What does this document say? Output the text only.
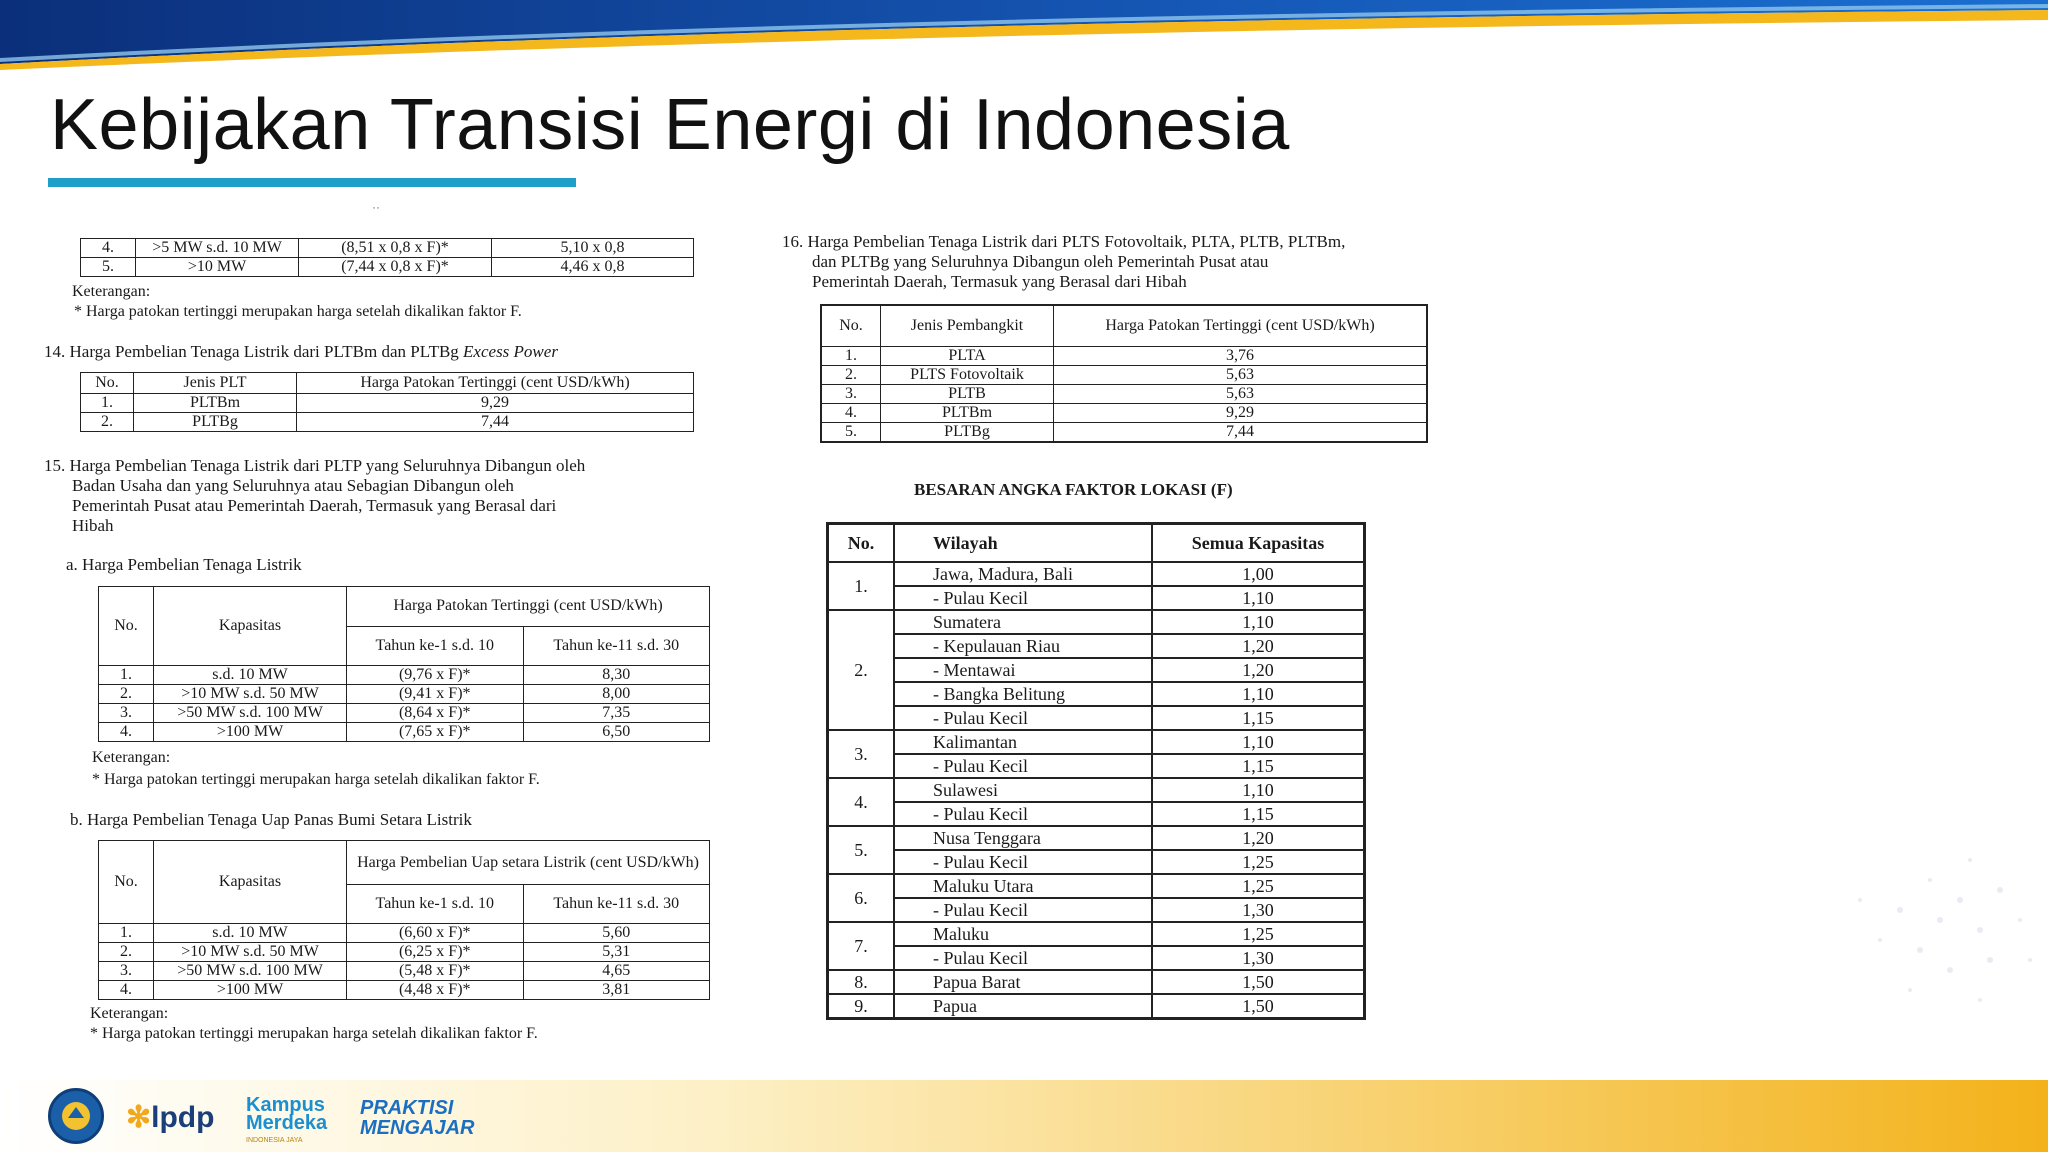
Kebijakan Transisi Energi di Indonesia
˙˙
4.	>5 MW s.d. 10 MW	(8,51 x 0,8 x F)*	5,10 x 0,8
5.	>10 MW	(7,44 x 0,8 x F)*	4,46 x 0,8
Keterangan:
* Harga patokan tertinggi merupakan harga setelah dikalikan faktor F.
14. Harga Pembelian Tenaga Listrik dari PLTBm dan PLTBg Excess Power
No.	Jenis PLT	Harga Patokan Tertinggi (cent USD/kWh)
1.	PLTBm	9,29
2.	PLTBg	7,44
15. Harga Pembelian Tenaga Listrik dari PLTP yang Seluruhnya Dibangun oleh
Badan Usaha dan yang Seluruhnya atau Sebagian Dibangun oleh
Pemerintah Pusat atau Pemerintah Daerah, Termasuk yang Berasal dari
Hibah
a. Harga Pembelian Tenaga Listrik
No.	Kapasitas	Harga Patokan Tertinggi (cent USD/kWh)	
		Tahun ke-1 s.d. 10	Tahun ke-11 s.d. 30
1.	s.d. 10 MW	(9,76 x F)*	8,30
2.	>10 MW s.d. 50 MW	(9,41 x F)*	8,00
3.	>50 MW s.d. 100 MW	(8,64 x F)*	7,35
4.	>100 MW	(7,65 x F)*	6,50
Keterangan:
* Harga patokan tertinggi merupakan harga setelah dikalikan faktor F.
b. Harga Pembelian Tenaga Uap Panas Bumi Setara Listrik
No.	Kapasitas	Harga Pembelian Uap setara Listrik (cent USD/kWh)	
		Tahun ke-1 s.d. 10	Tahun ke-11 s.d. 30
1.	s.d. 10 MW	(6,60 x F)*	5,60
2.	>10 MW s.d. 50 MW	(6,25 x F)*	5,31
3.	>50 MW s.d. 100 MW	(5,48 x F)*	4,65
4.	>100 MW	(4,48 x F)*	3,81
Keterangan:
* Harga patokan tertinggi merupakan harga setelah dikalikan faktor F.
16. Harga Pembelian Tenaga Listrik dari PLTS Fotovoltaik, PLTA, PLTB, PLTBm,
dan PLTBg yang Seluruhnya Dibangun oleh Pemerintah Pusat atau
Pemerintah Daerah, Termasuk yang Berasal dari Hibah
No.	Jenis Pembangkit	Harga Patokan Tertinggi (cent USD/kWh)
1.	PLTA	3,76
2.	PLTS Fotovoltaik	5,63
3.	PLTB	5,63
4.	PLTBm	9,29
5.	PLTBg	7,44
BESARAN ANGKA FAKTOR LOKASI (F)
No.	Wilayah	Semua Kapasitas
1.	Jawa, Madura, Bali	1,00
	- Pulau Kecil	1,10
2.	Sumatera	1,10
	- Kepulauan Riau	1,20
	- Mentawai	1,20
	- Bangka Belitung	1,10
	- Pulau Kecil	1,15
3.	Kalimantan	1,10
	- Pulau Kecil	1,15
4.	Sulawesi	1,10
	- Pulau Kecil	1,15
5.	Nusa Tenggara	1,20
	- Pulau Kecil	1,25
6.	Maluku Utara	1,25
	- Pulau Kecil	1,30
7.	Maluku	1,25
	- Pulau Kecil	1,30
8.	Papua Barat	1,50
9.	Papua	1,50
✻lpdp Kampus
Merdeka
INDONESIA JAYA
PRAKTISI
MENGAJAR
